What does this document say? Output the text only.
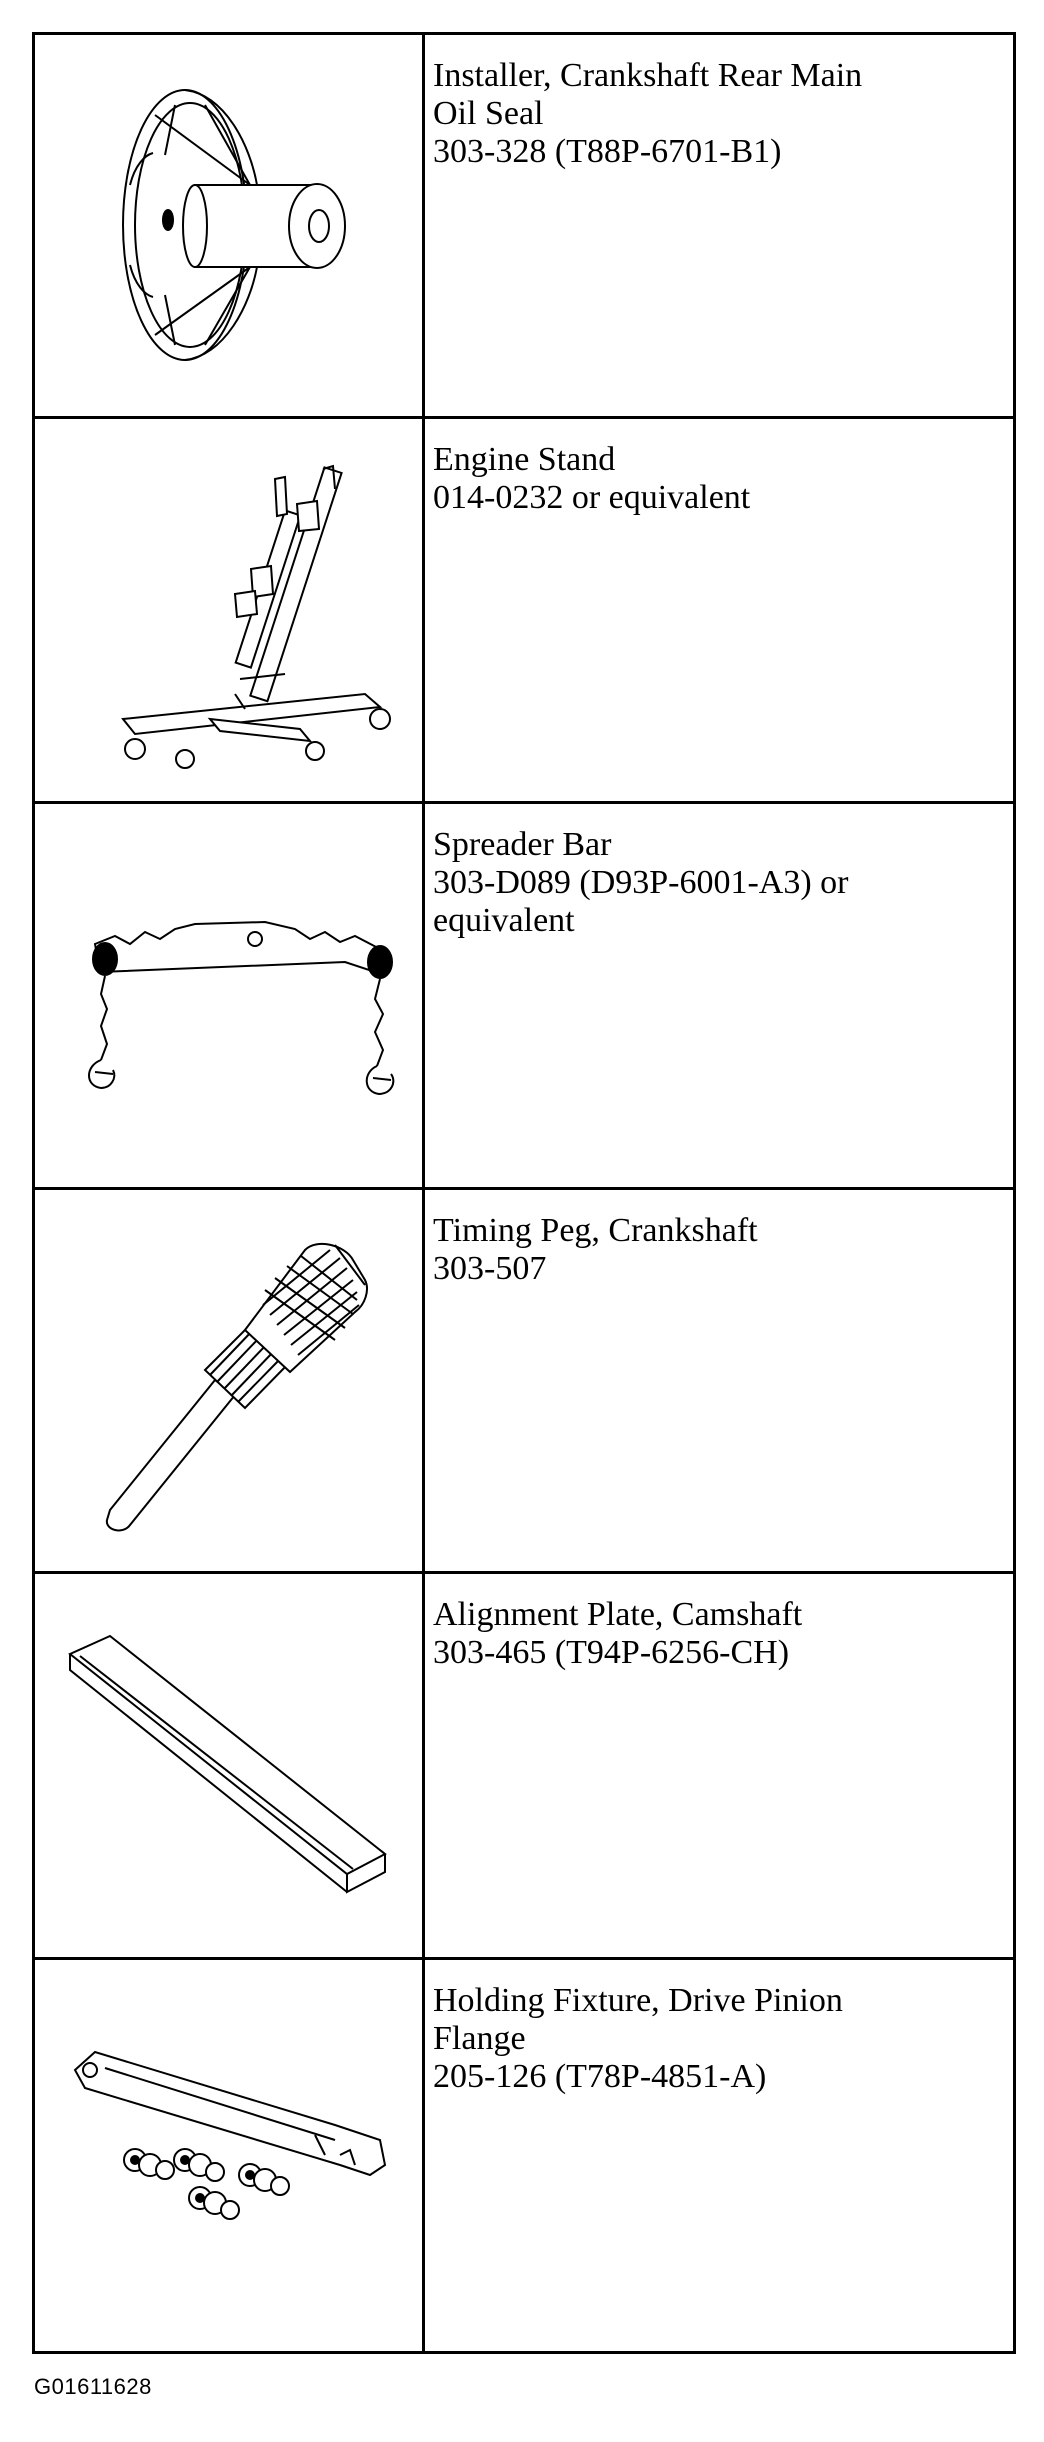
Installer, Crankshaft Rear Main
Oil Seal
303-328 (T88P-6701-B1)
Engine Stand
014-0232 or equivalent
Spreader Bar
303-D089 (D93P-6001-A3) or
equivalent
Timing Peg, Crankshaft
303-507
Alignment Plate, Camshaft
303-465 (T94P-6256-CH)
Holding Fixture, Drive Pinion
Flange
205-126 (T78P-4851-A)
G01611628
